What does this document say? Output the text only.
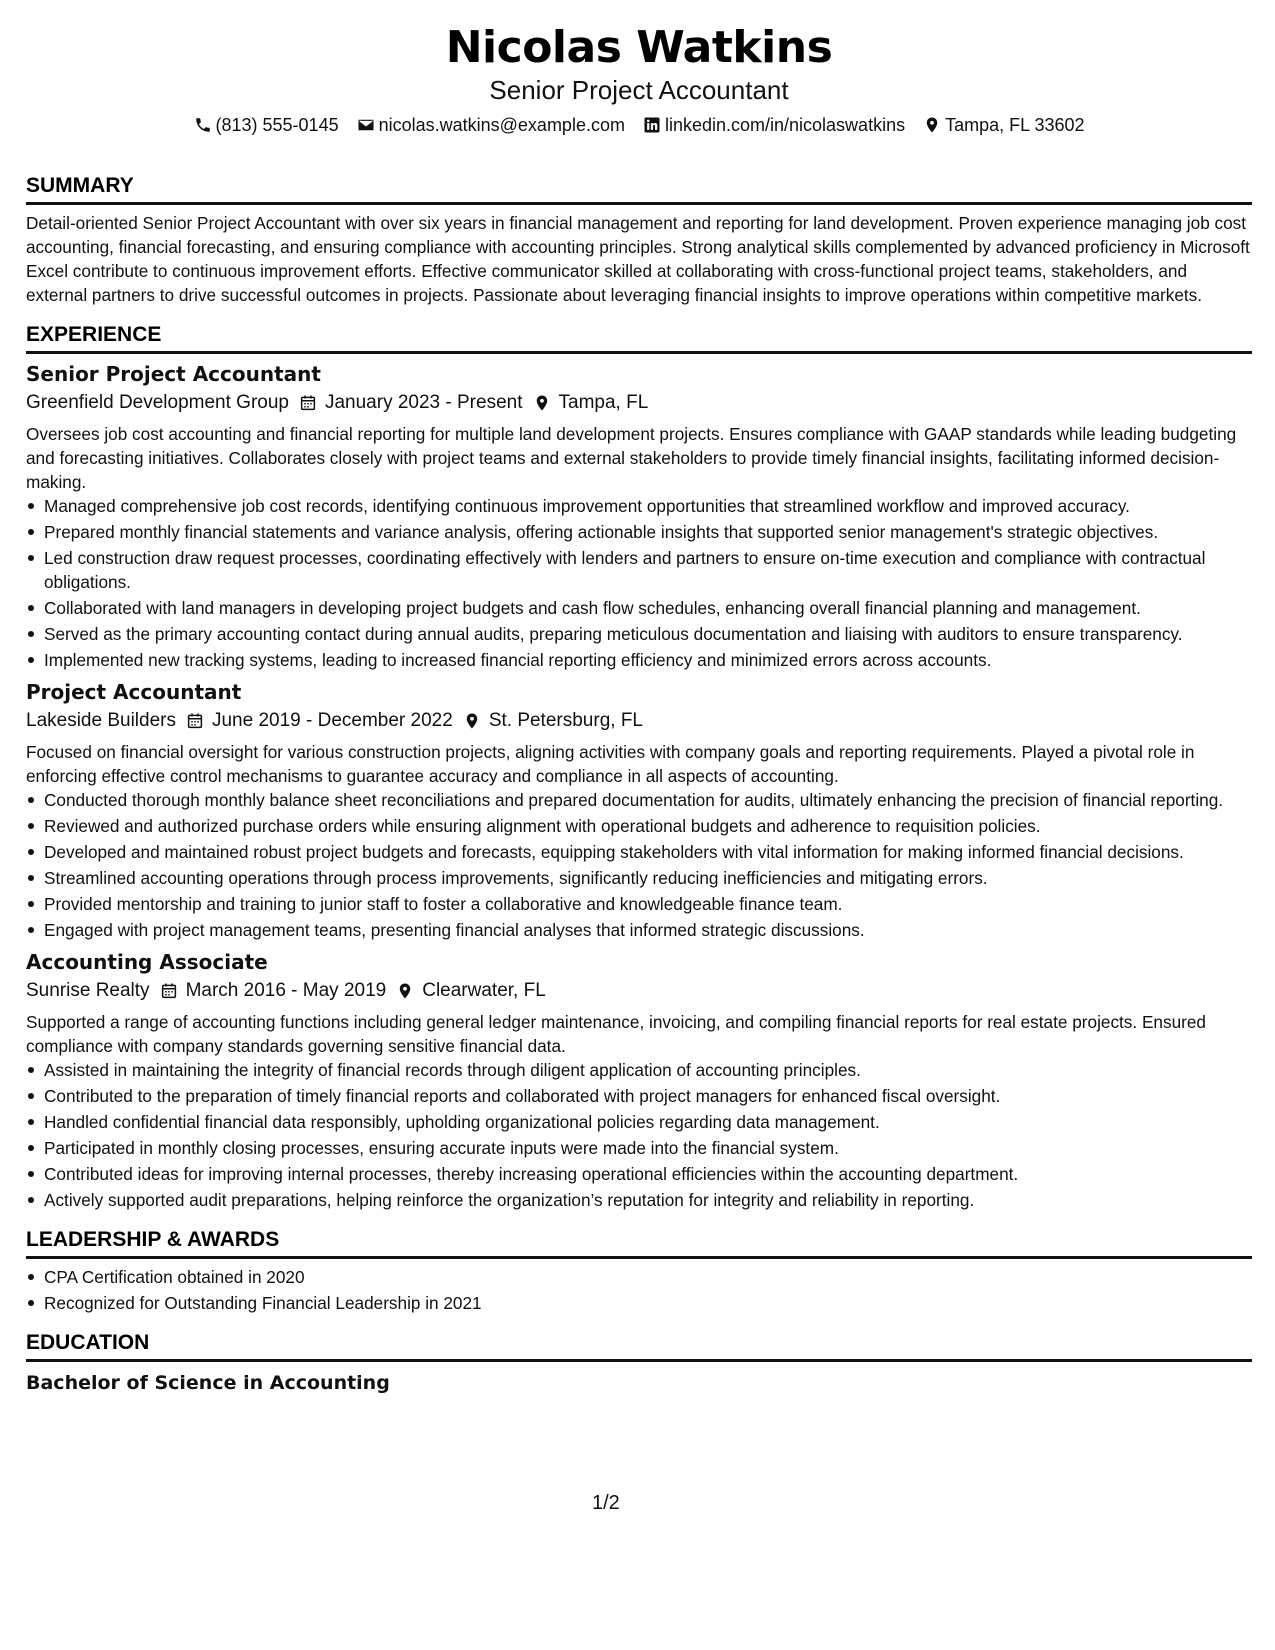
Nicolas Watkins
Senior Project Accountant
(813) 555-0145 nicolas.watkins@example.com linkedin.com/in/nicolaswatkins Tampa, FL 33602
SUMMARY

Detail-oriented Senior Project Accountant with over six years in financial management and reporting for land development. Proven experience managing job cost accounting, financial forecasting, and ensuring compliance with accounting principles. Strong analytical skills complemented by advanced proficiency in Microsoft Excel contribute to continuous improvement efforts. Effective communicator skilled at collaborating with cross-functional project teams, stakeholders, and external partners to drive successful outcomes in projects. Passionate about leveraging financial insights to improve operations within competitive markets.

EXPERIENCE
Senior Project Accountant
Greenfield Development Group January 2023 - Present Tampa, FL

Oversees job cost accounting and financial reporting for multiple land development projects. Ensures compliance with GAAP standards while leading budgeting and forecasting initiatives. Collaborates closely with project teams and external stakeholders to provide timely financial insights, facilitating informed decision-making.

Managed comprehensive job cost records, identifying continuous improvement opportunities that streamlined workflow and improved accuracy.
Prepared monthly financial statements and variance analysis, offering actionable insights that supported senior management's strategic objectives.
Led construction draw request processes, coordinating effectively with lenders and partners to ensure on-time execution and compliance with contractual obligations.
Collaborated with land managers in developing project budgets and cash flow schedules, enhancing overall financial planning and management.
Served as the primary accounting contact during annual audits, preparing meticulous documentation and liaising with auditors to ensure transparency.
Implemented new tracking systems, leading to increased financial reporting efficiency and minimized errors across accounts.
Project Accountant
Lakeside Builders June 2019 - December 2022 St. Petersburg, FL

Focused on financial oversight for various construction projects, aligning activities with company goals and reporting requirements. Played a pivotal role in enforcing effective control mechanisms to guarantee accuracy and compliance in all aspects of accounting.

Conducted thorough monthly balance sheet reconciliations and prepared documentation for audits, ultimately enhancing the precision of financial reporting.
Reviewed and authorized purchase orders while ensuring alignment with operational budgets and adherence to requisition policies.
Developed and maintained robust project budgets and forecasts, equipping stakeholders with vital information for making informed financial decisions.
Streamlined accounting operations through process improvements, significantly reducing inefficiencies and mitigating errors.
Provided mentorship and training to junior staff to foster a collaborative and knowledgeable finance team.
Engaged with project management teams, presenting financial analyses that informed strategic discussions.
Accounting Associate
Sunrise Realty March 2016 - May 2019 Clearwater, FL

Supported a range of accounting functions including general ledger maintenance, invoicing, and compiling financial reports for real estate projects. Ensured compliance with company standards governing sensitive financial data.

Assisted in maintaining the integrity of financial records through diligent application of accounting principles.
Contributed to the preparation of timely financial reports and collaborated with project managers for enhanced fiscal oversight.
Handled confidential financial data responsibly, upholding organizational policies regarding data management.
Participated in monthly closing processes, ensuring accurate inputs were made into the financial system.
Contributed ideas for improving internal processes, thereby increasing operational efficiencies within the accounting department.
Actively supported audit preparations, helping reinforce the organization’s reputation for integrity and reliability in reporting.
LEADERSHIP & AWARDS
CPA Certification obtained in 2020
Recognized for Outstanding Financial Leadership in 2021
EDUCATION
Bachelor of Science in Accounting
1/2
